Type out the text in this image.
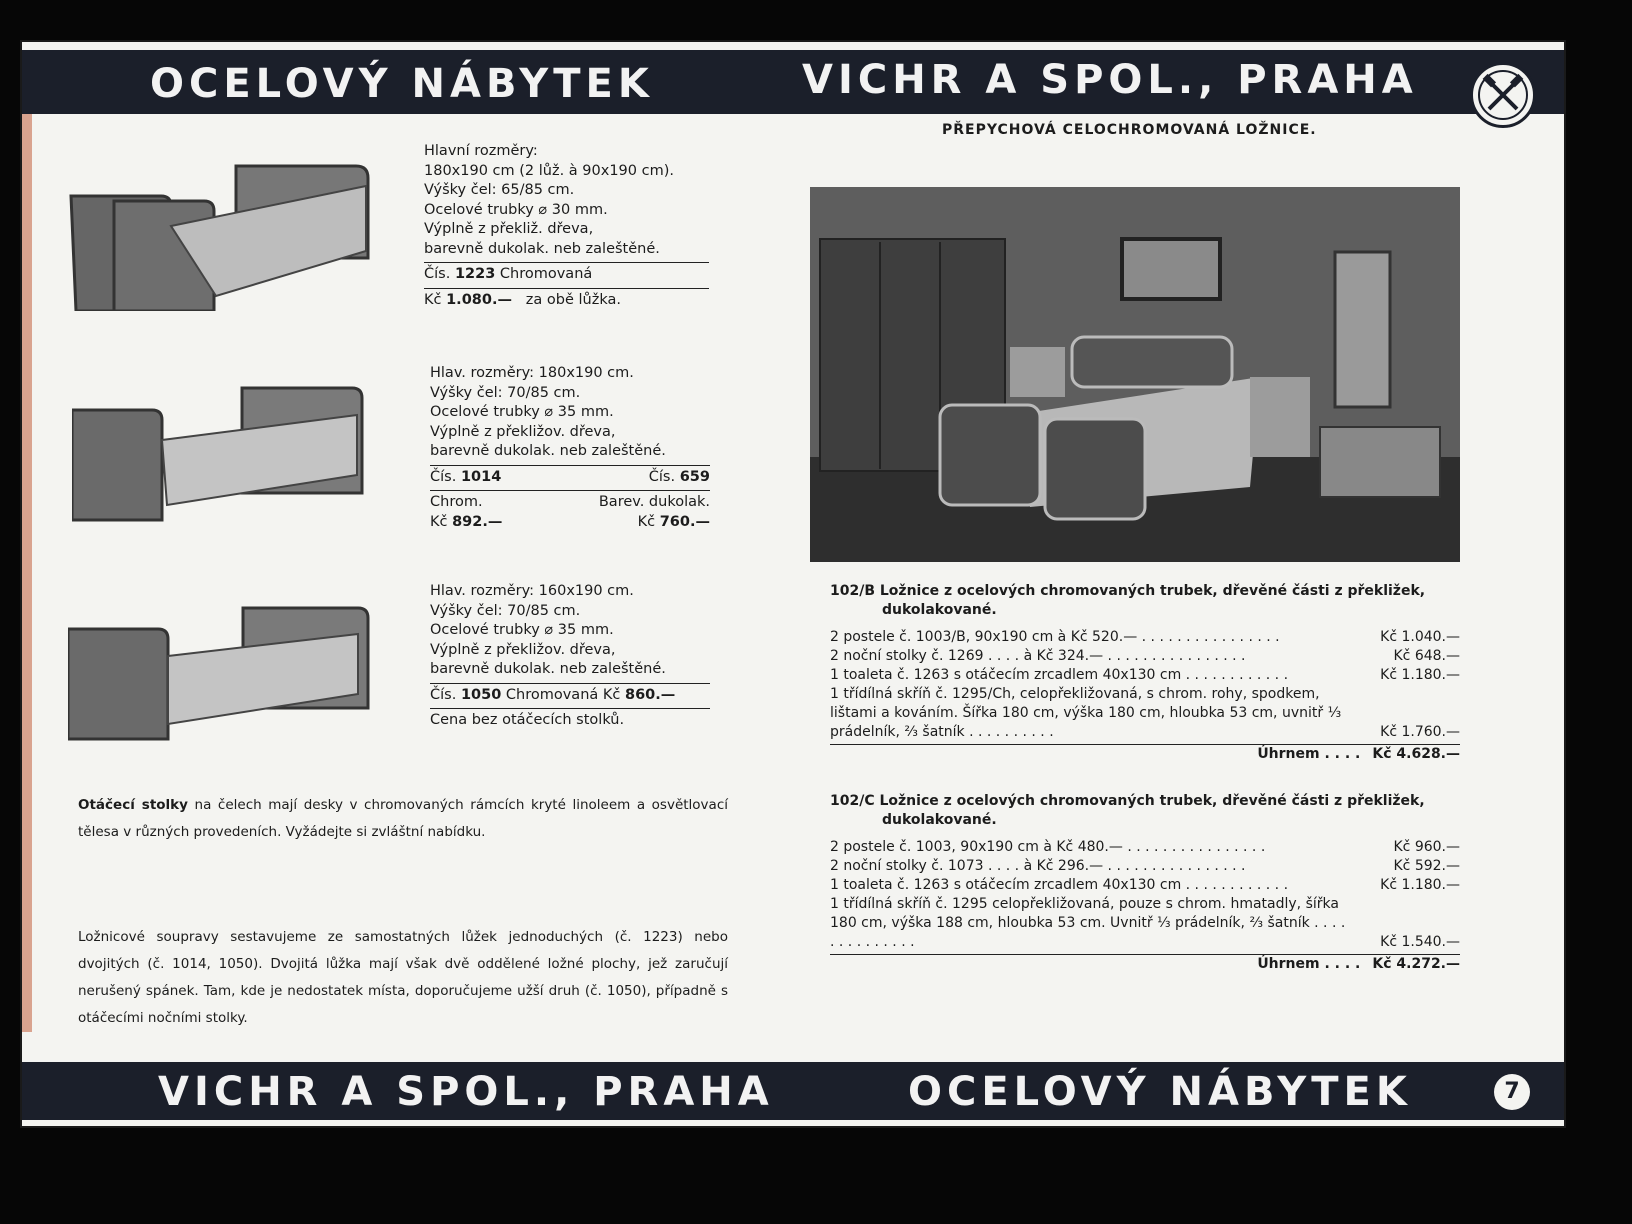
OCELOVÝ NÁBYTEK	VICHR A SPOL., PRAHA
Hlavní rozměry:
180x190 cm (2 lůž. à 90x190 cm).
Výšky čel: 65/85 cm.
Ocelové trubky ⌀ 30 mm.
Výplně z překliž. dřeva,
barevně dukolak. neb zaleštěné.
Čís. 1223 Chromovaná
Kč 1.080.— za obě lůžka.
Hlav. rozměry: 180x190 cm.
Výšky čel: 70/85 cm.
Ocelové trubky ⌀ 35 mm.
Výplně z překližov. dřeva,
barevně dukolak. neb zaleštěné.
Čís. 1014	Čís. 659
Chrom.	Barev. dukolak.
Kč 892.—	Kč 760.—
Hlav. rozměry: 160x190 cm.
Výšky čel: 70/85 cm.
Ocelové trubky ⌀ 35 mm.
Výplně z překližov. dřeva,
barevně dukolak. neb zaleštěné.
Čís. 1050 Chromovaná Kč 860.—
Cena bez otáčecích stolků.
Otáčecí stolky na čelech mají desky v chromovaných rámcích kryté linoleem a osvětlovací tělesa v různých provedeních. Vyžádejte si zvláštní nabídku.
Ložnicové soupravy sestavujeme ze samostatných lůžek jednoduchých (č. 1223) nebo dvojitých (č. 1014, 1050). Dvojitá lůžka mají však dvě oddělené ložné plochy, jež zaručují nerušený spánek. Tam, kde je nedostatek místa, doporučujeme užší druh (č. 1050), případně s otáčecími nočními stolky.
PŘEPYCHOVÁ CELOCHROMOVANÁ LOŽNICE.
102/B Ložnice z ocelových chromovaných trubek, dřevěné části z překližek, dukolakované.
2 postele č. 1003/B, 90x190 cm à Kč 520.— . . . . . . . . . . . . . . . .	Kč 1.040.—
2 noční stolky č. 1269 . . . . à Kč 324.— . . . . . . . . . . . . . . . .	Kč 648.—
1 toaleta č. 1263 s otáčecím zrcadlem 40x130 cm . . . . . . . . . . . .	Kč 1.180.—
1 třídílná skříň č. 1295/Ch, celopřekližovaná, s chrom. rohy, spodkem, lištami a kováním. Šířka 180 cm, výška 180 cm, hloubka 53 cm, uvnitř ⅓ prádelník, ⅔ šatník . . . . . . . . . .	Kč 1.760.—
Úhrnem . . . . Kč 4.628.—
102/C Ložnice z ocelových chromovaných trubek, dřevěné části z překližek, dukolakované.
2 postele č. 1003, 90x190 cm à Kč 480.— . . . . . . . . . . . . . . . .	Kč 960.—
2 noční stolky č. 1073 . . . . à Kč 296.— . . . . . . . . . . . . . . . .	Kč 592.—
1 toaleta č. 1263 s otáčecím zrcadlem 40x130 cm . . . . . . . . . . . .	Kč 1.180.—
1 třídílná skříň č. 1295 celopřekližovaná, pouze s chrom. hmatadly, šířka 180 cm, výška 188 cm, hloubka 53 cm. Uvnitř ⅓ prádelník, ⅔ šatník . . . . . . . . . . . . . .	Kč 1.540.—
Úhrnem . . . . Kč 4.272.—
VICHR A SPOL., PRAHA	OCELOVÝ NÁBYTEK	7
